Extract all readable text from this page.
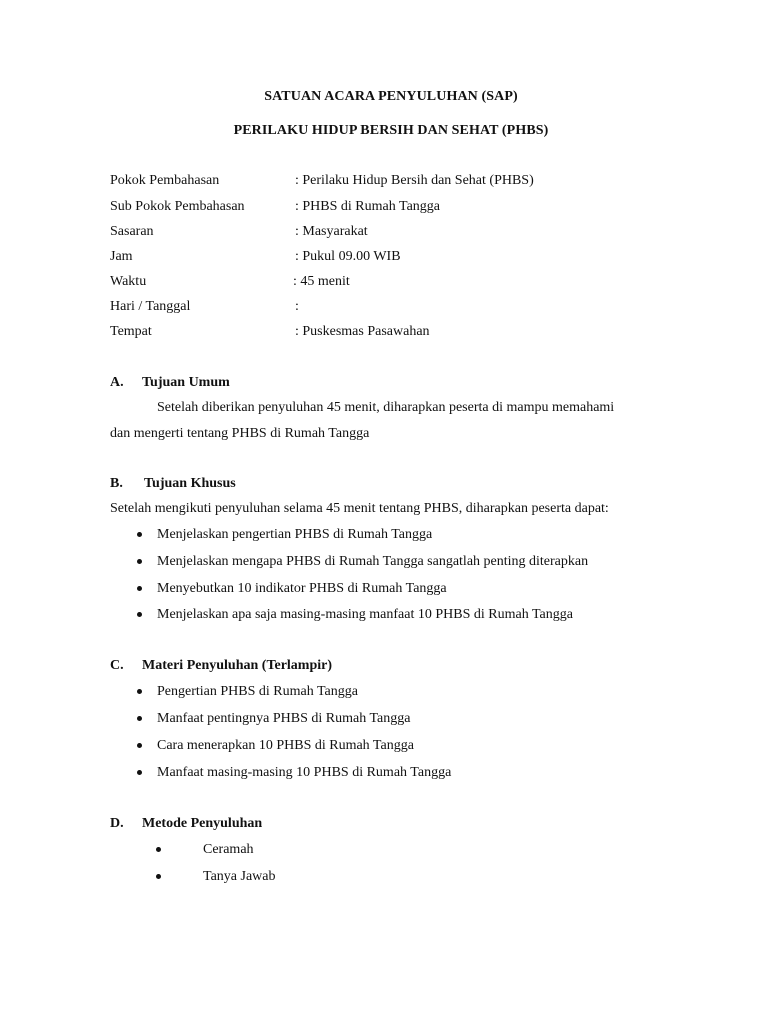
SATUAN ACARA PENYULUHAN (SAP)
PERILAKU HIDUP BERSIH DAN SEHAT (PHBS)
Pokok Pembahasan	: Perilaku Hidup Bersih dan Sehat (PHBS)
Sub Pokok Pembahasan	: PHBS di Rumah Tangga
Sasaran	: Masyarakat
Jam	: Pukul 09.00 WIB
Waktu	: 45 menit
Hari / Tanggal	:
Tempat	: Puskesmas Pasawahan
A. Tujuan Umum
Setelah diberikan penyuluhan 45 menit, diharapkan peserta di mampu memahami
dan mengerti tentang PHBS di Rumah Tangga
B. Tujuan Khusus
Setelah mengikuti penyuluhan selama 45 menit tentang PHBS, diharapkan peserta dapat:
Menjelaskan pengertian PHBS di Rumah Tangga
Menjelaskan mengapa PHBS di Rumah Tangga sangatlah penting diterapkan
Menyebutkan 10 indikator PHBS di Rumah Tangga
Menjelaskan apa saja masing-masing manfaat 10 PHBS di Rumah Tangga
C. Materi Penyuluhan (Terlampir)
Pengertian PHBS di Rumah Tangga
Manfaat pentingnya PHBS di Rumah Tangga
Cara menerapkan 10 PHBS di Rumah Tangga
Manfaat masing-masing 10 PHBS di Rumah Tangga
D. Metode Penyuluhan
Ceramah
Tanya Jawab
